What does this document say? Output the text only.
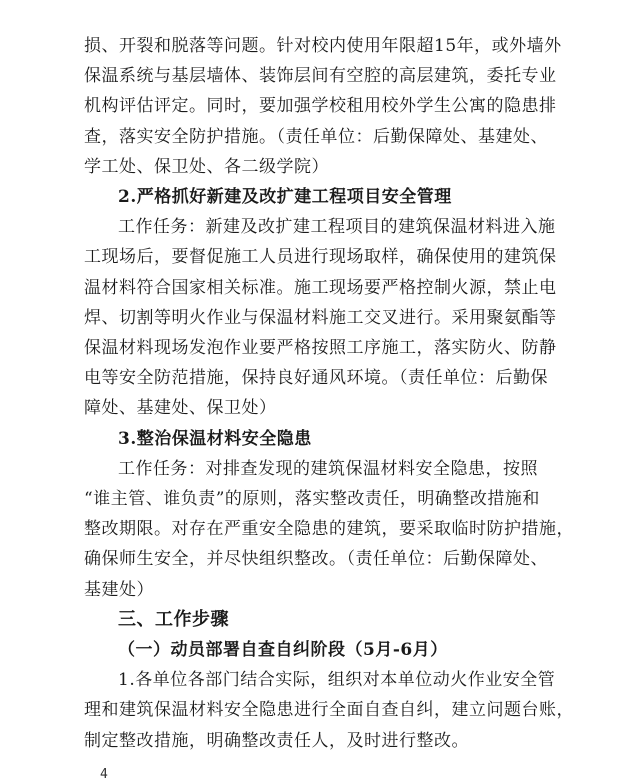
损、开裂和脱落等问题。针对校内使用年限超15年，或外墙外
保温系统与基层墙体、装饰层间有空腔的高层建筑，委托专业
机构评估评定。同时，要加强学校租用校外学生公寓的隐患排
查，落实安全防护措施。（责任单位：后勤保障处、基建处、
学工处、保卫处、各二级学院）
2.严格抓好新建及改扩建工程项目安全管理
工作任务：新建及改扩建工程项目的建筑保温材料进入施
工现场后，要督促施工人员进行现场取样，确保使用的建筑保
温材料符合国家相关标准。施工现场要严格控制火源，禁止电
焊、切割等明火作业与保温材料施工交叉进行。采用聚氨酯等
保温材料现场发泡作业要严格按照工序施工，落实防火、防静
电等安全防范措施，保持良好通风环境。（责任单位：后勤保
障处、基建处、保卫处）
3.整治保温材料安全隐患
工作任务：对排查发现的建筑保温材料安全隐患，按照
“谁主管、谁负责”的原则，落实整改责任，明确整改措施和
整改期限。对存在严重安全隐患的建筑，要采取临时防护措施，
确保师生安全，并尽快组织整改。（责任单位：后勤保障处、
基建处）
三、工作步骤
（一）动员部署自查自纠阶段（5月-6月）
1.各单位各部门结合实际，组织对本单位动火作业安全管
理和建筑保温材料安全隐患进行全面自查自纠，建立问题台账，
制定整改措施，明确整改责任人，及时进行整改。
4
